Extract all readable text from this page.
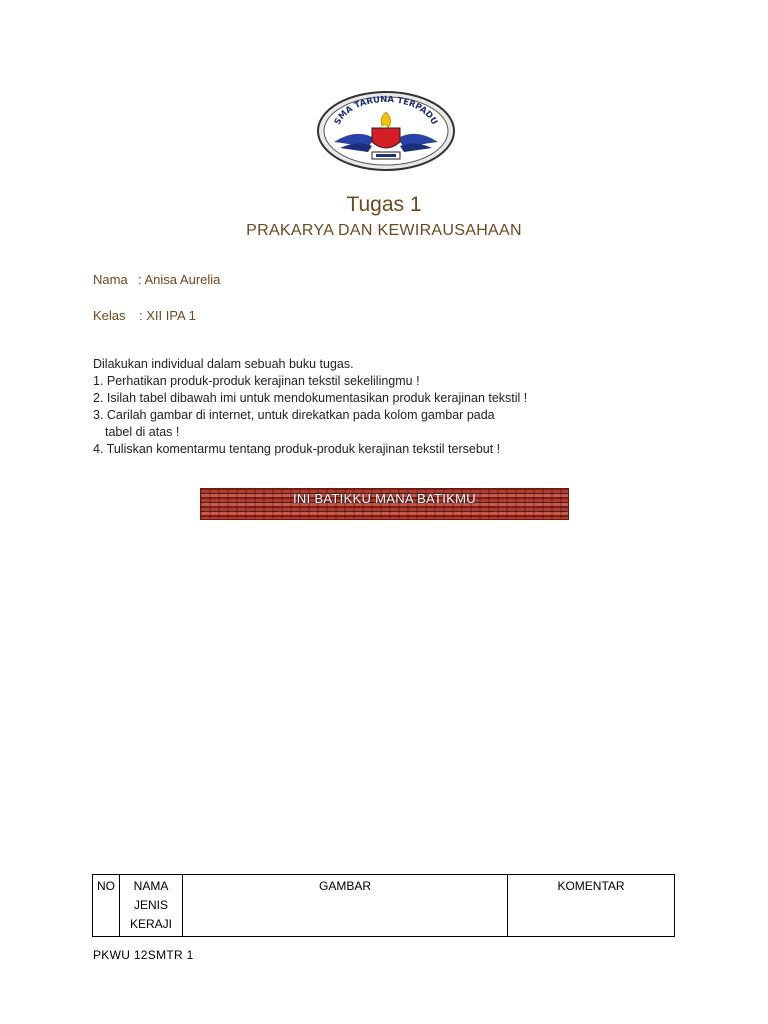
SMA TARUNA TERPADU
Tugas 1
PRAKARYA DAN KEWIRAUSAHAAN
Nama : Anisa Aurelia
Kelas : XII IPA 1
Dilakukan individual dalam sebuah buku tugas.
1. Perhatikan produk-produk kerajinan tekstil sekelilingmu !
2. Isilah tabel dibawah imi untuk mendokumentasikan produk kerajinan tekstil !
3. Carilah gambar di internet, untuk direkatkan pada kolom gambar pada
tabel di atas !
4. Tuliskan komentarmu tentang produk-produk kerajinan tekstil tersebut !
INI BATIKKU MANA BATIKMU
NO	NAMA JENIS KERAJI	GAMBAR	KOMENTAR
PKWU 12SMTR 1
